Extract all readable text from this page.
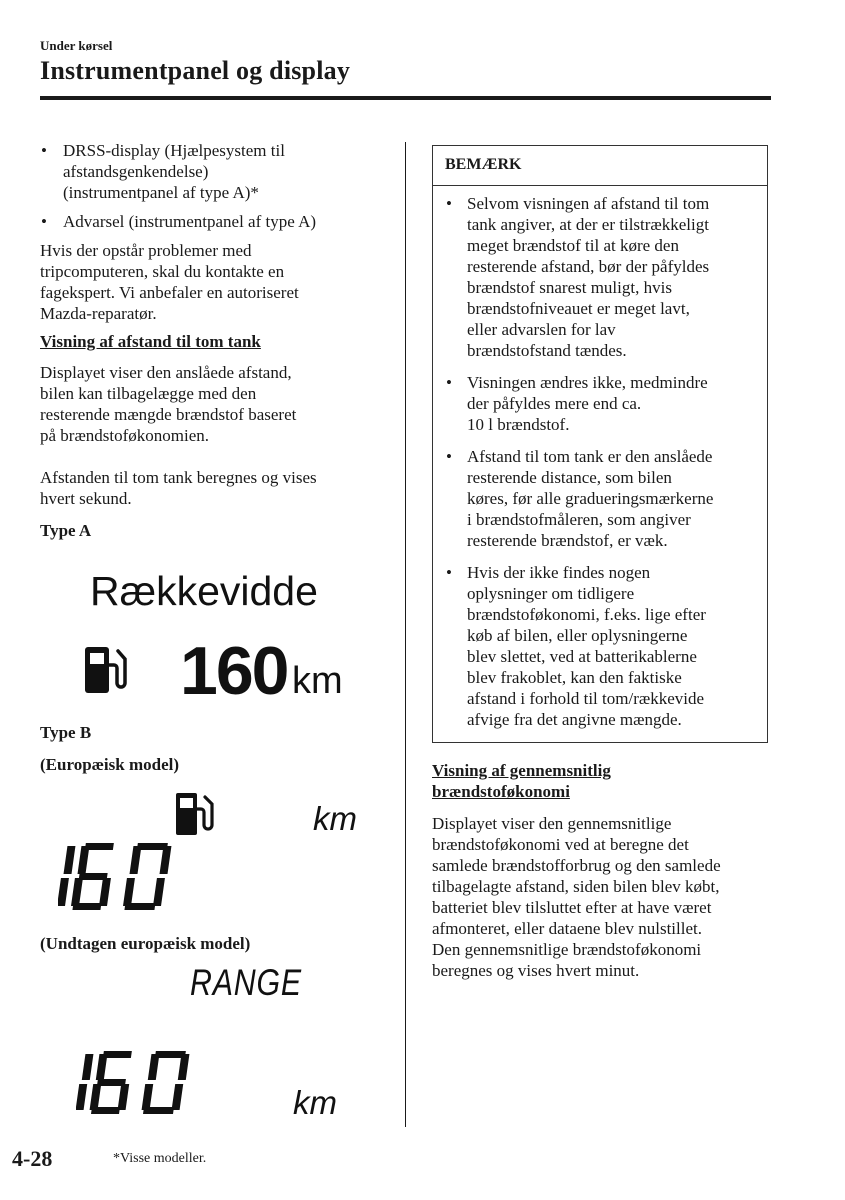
Under kørsel
Instrumentpanel og display
• DRSS-display (Hjælpesystem til
afstandsgenkendelse)
(instrumentpanel af type A)*
• Advarsel (instrumentpanel af type A)

Hvis der opstår problemer med
tripcomputeren, skal du kontakte en
fagekspert. Vi anbefaler en autoriseret
Mazda-reparatør.

Visning af afstand til tom tank

Displayet viser den anslåede afstand,
bilen kan tilbagelægge med den
resterende mængde brændstof baseret
på brændstoføkonomien.

Afstanden til tom tank beregnes og vises
hvert sekund.

Type A

Rækkevidde
160 km

Type B

(Europæisk model)

km
(Undtagen europæisk model)
RANGE
km
BEMÆRK
• Selvom visningen af afstand til tom
tank angiver, at der er tilstrækkeligt
meget brændstof til at køre den
resterende afstand, bør der påfyldes
brændstof snarest muligt, hvis
brændstofniveauet er meget lavt,
eller advarslen for lav
brændstofstand tændes.
• Visningen ændres ikke, medmindre
der påfyldes mere end ca.
10 l brændstof.
• Afstand til tom tank er den anslåede
resterende distance, som bilen
køres, før alle gradueringsmærkerne
i brændstofmåleren, som angiver
resterende brændstof, er væk.
• Hvis der ikke findes nogen
oplysninger om tidligere
brændstoføkonomi, f.eks. lige efter
køb af bilen, eller oplysningerne
blev slettet, ved at batterikablerne
blev frakoblet, kan den faktiske
afstand i forhold til tom/rækkevide
afvige fra det angivne mængde.

Visning af gennemsnitlig
brændstoføkonomi

Displayet viser den gennemsnitlige
brændstoføkonomi ved at beregne det
samlede brændstofforbrug og den samlede
tilbagelagte afstand, siden bilen blev købt,
batteriet blev tilsluttet efter at have været
afmonteret, eller dataene blev nulstillet.
Den gennemsnitlige brændstoføkonomi
beregnes og vises hvert minut.

4-28	*Visse modeller.
